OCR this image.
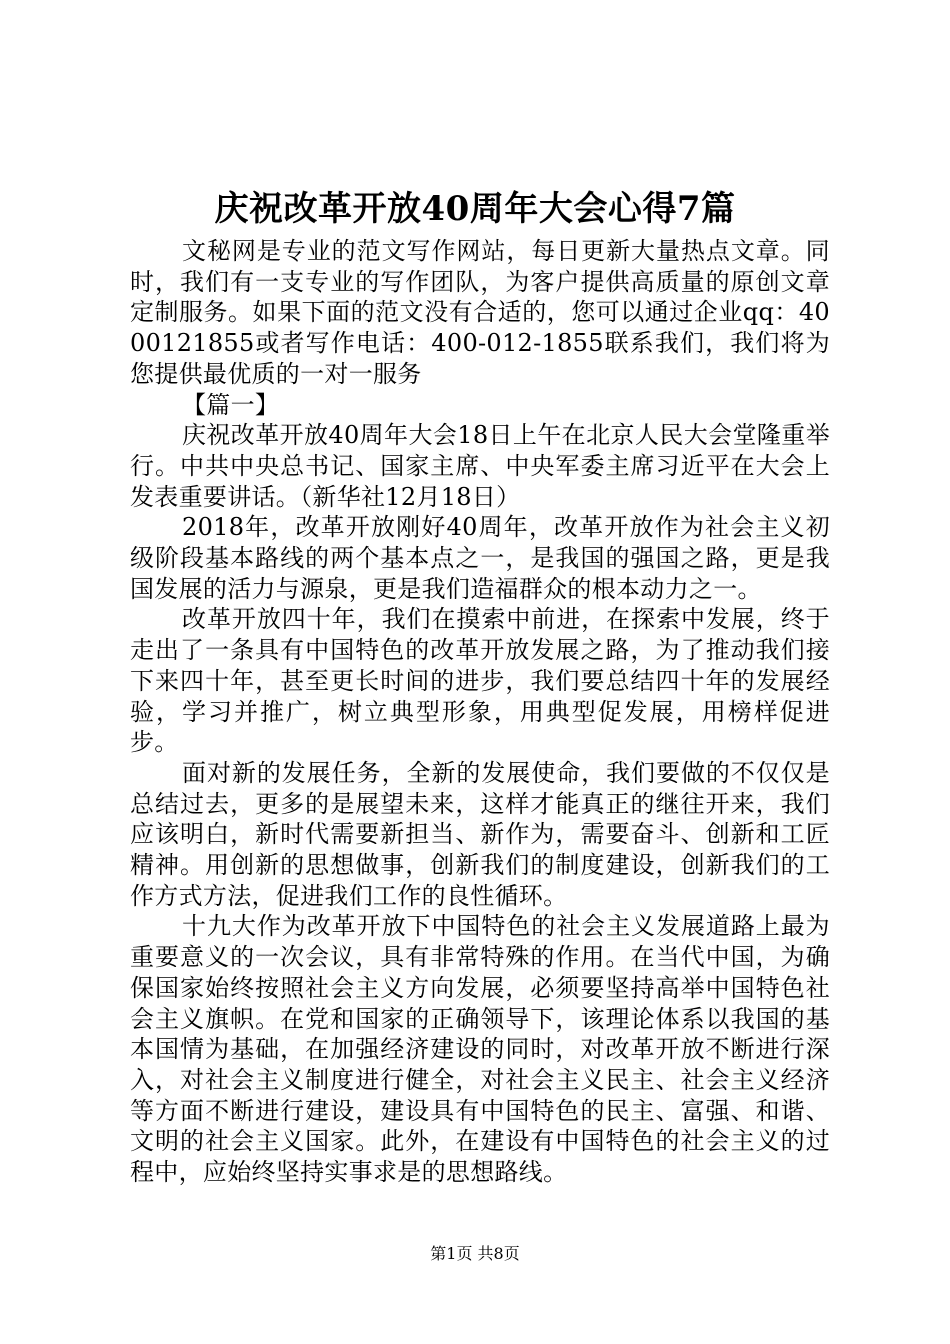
庆祝改革开放40周年大会心得7篇

文秘网是专业的范文写作网站，每日更新大量热点文章。同时，我们有一支专业的写作团队，为客户提供高质量的原创文章定制服务。如果下面的范文没有合适的，您可以通过企业qq：4000121855或者写作电话：400-012-1855联系我们，我们将为您提供最优质的一对一服务

【篇一】

庆祝改革开放40周年大会18日上午在北京人民大会堂隆重举行。中共中央总书记、国家主席、中央军委主席习近平在大会上发表重要讲话。（新华社12月18日）

2018年，改革开放刚好40周年，改革开放作为社会主义初级阶段基本路线的两个基本点之一，是我国的强国之路，更是我国发展的活力与源泉，更是我们造福群众的根本动力之一。

改革开放四十年，我们在摸索中前进，在探索中发展，终于走出了一条具有中国特色的改革开放发展之路，为了推动我们接下来四十年，甚至更长时间的进步，我们要总结四十年的发展经验，学习并推广，树立典型形象，用典型促发展，用榜样促进步。

面对新的发展任务，全新的发展使命，我们要做的不仅仅是总结过去，更多的是展望未来，这样才能真正的继往开来，我们应该明白，新时代需要新担当、新作为，需要奋斗、创新和工匠精神。用创新的思想做事，创新我们的制度建设，创新我们的工作方式方法，促进我们工作的良性循环。

十九大作为改革开放下中国特色的社会主义发展道路上最为重要意义的一次会议，具有非常特殊的作用。在当代中国，为确保国家始终按照社会主义方向发展，必须要坚持高举中国特色社会主义旗帜。在党和国家的正确领导下，该理论体系以我国的基本国情为基础，在加强经济建设的同时，对改革开放不断进行深入，对社会主义制度进行健全，对社会主义民主、社会主义经济等方面不断进行建设，建设具有中国特色的民主、富强、和谐、文明的社会主义国家。此外，在建设有中国特色的社会主义的过程中，应始终坚持实事求是的思想路线。

第1页 共8页
